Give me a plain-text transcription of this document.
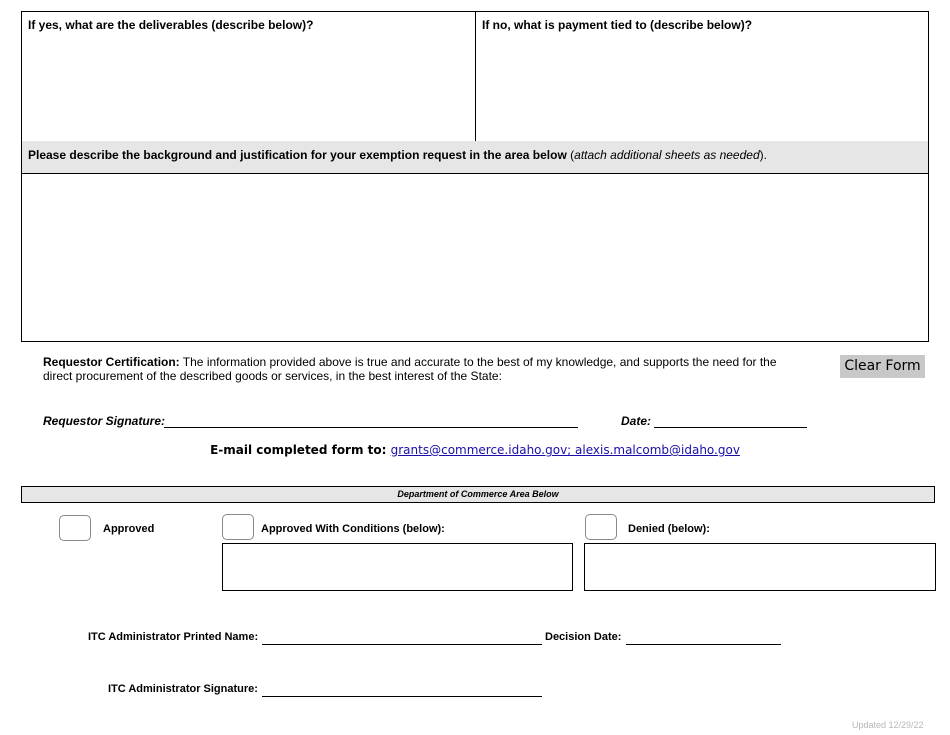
If yes, what are the deliverables (describe below)?	If no, what is payment tied to (describe below)?
Please describe the background and justification for your exemption request in the area below (attach additional sheets as needed).
Requestor Certification: The information provided above is true and accurate to the best of my knowledge, and supports the need for the direct procurement of the described goods or services, in the best interest of the State:
Clear Form
Requestor Signature:	Date:
E-mail completed form to: grants@commerce.idaho.gov; alexis.malcomb@idaho.gov
Department of Commerce Area Below
Approved	Approved With Conditions (below):	Denied (below):
ITC Administrator Printed Name:	Decision Date:
ITC Administrator Signature:
Updated 12/29/22
